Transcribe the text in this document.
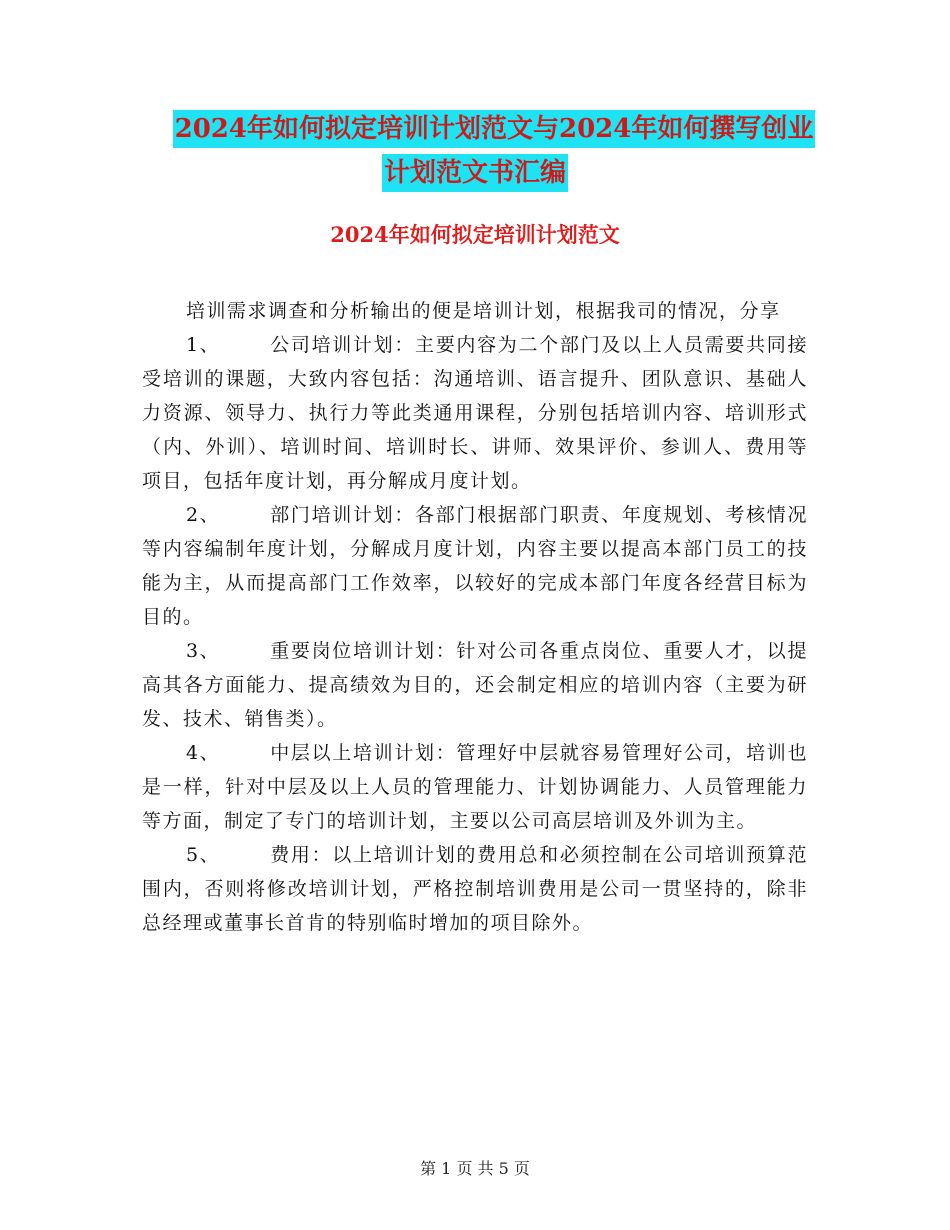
2024年如何拟定培训计划范文与2024年如何撰写创业
计划范文书汇编
2024年如何拟定培训计划范文

培训需求调查和分析输出的便是培训计划，根据我司的情况，分享

1、	公司培训计划：主要内容为二个部门及以上人员需要共同接受培训的课题，大致内容包括：沟通培训、语言提升、团队意识、基础人力资源、领导力、执行力等此类通用课程，分别包括培训内容、培训形式（内、外训）、培训时间、培训时长、讲师、效果评价、参训人、费用等项目，包括年度计划，再分解成月度计划。

2、	部门培训计划：各部门根据部门职责、年度规划、考核情况等内容编制年度计划，分解成月度计划，内容主要以提高本部门员工的技能为主，从而提高部门工作效率，以较好的完成本部门年度各经营目标为目的。

3、	重要岗位培训计划：针对公司各重点岗位、重要人才，以提高其各方面能力、提高绩效为目的，还会制定相应的培训内容（主要为研发、技术、销售类）。

4、	中层以上培训计划：管理好中层就容易管理好公司，培训也是一样，针对中层及以上人员的管理能力、计划协调能力、人员管理能力等方面，制定了专门的培训计划，主要以公司高层培训及外训为主。

5、	费用：以上培训计划的费用总和必须控制在公司培训预算范围内，否则将修改培训计划，严格控制培训费用是公司一贯坚持的，除非总经理或董事长首肯的特别临时增加的项目除外。

第 1 页 共 5 页
